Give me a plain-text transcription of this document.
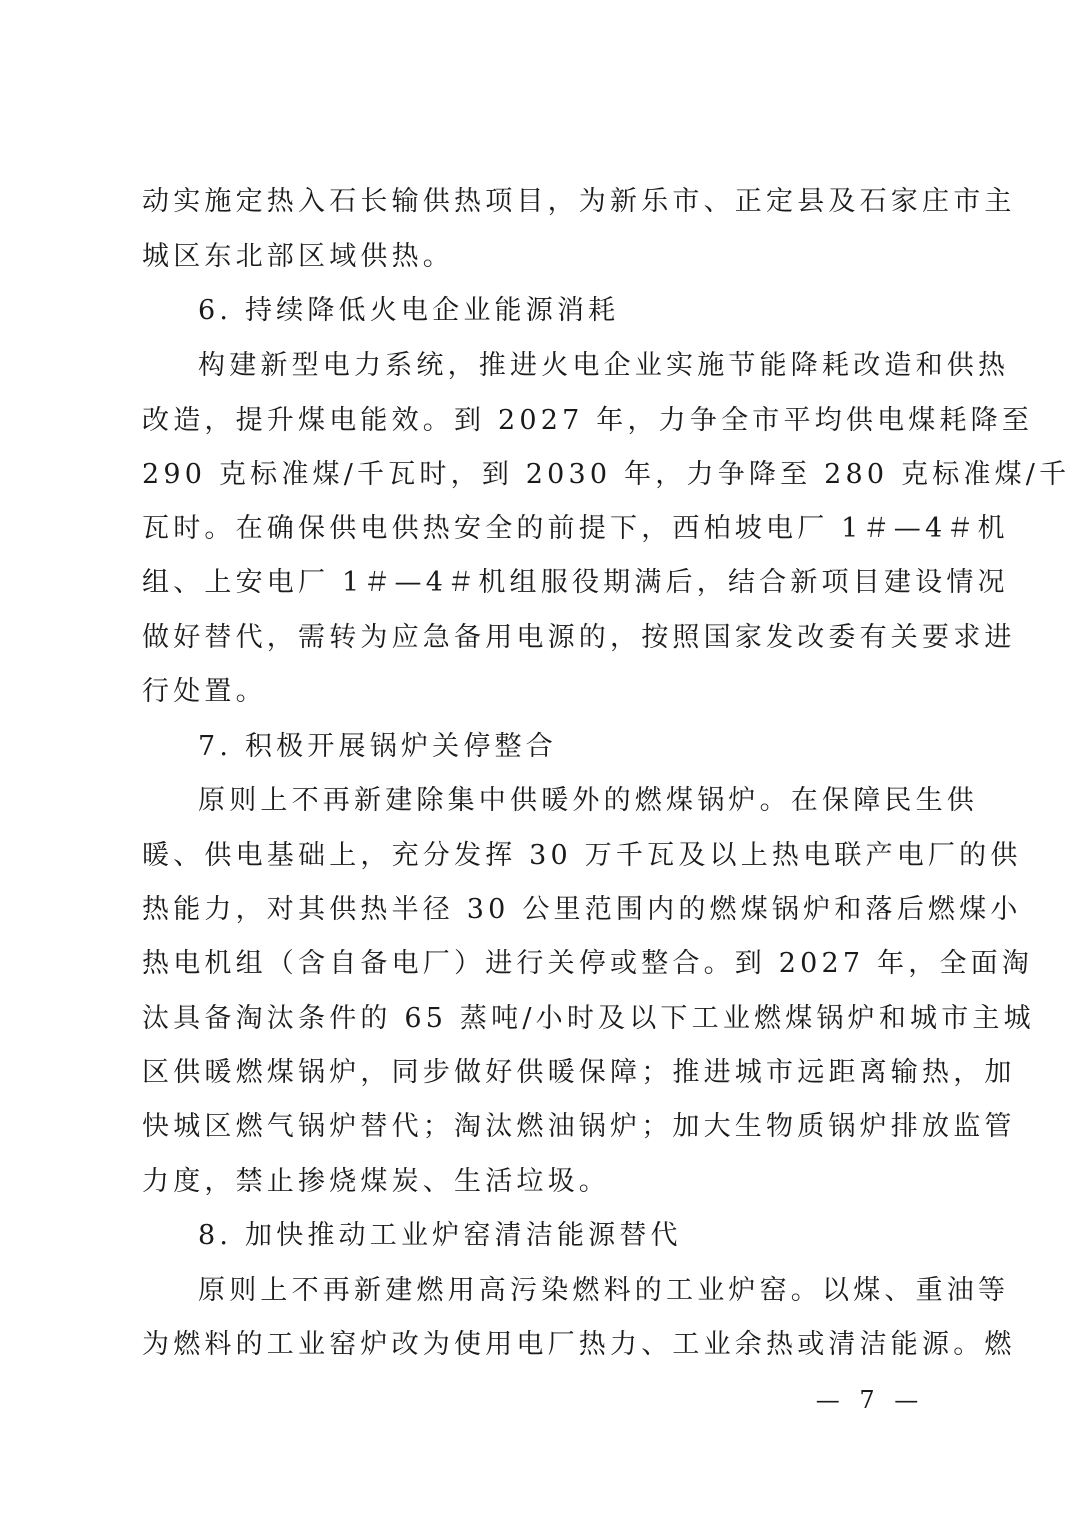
动实施定热入石长输供热项目，为新乐市、正定县及石家庄市主
城区东北部区域供热。
6. 持续降低火电企业能源消耗
构建新型电力系统，推进火电企业实施节能降耗改造和供热
改造，提升煤电能效。到 2027 年，力争全市平均供电煤耗降至
290 克标准煤/千瓦时，到 2030 年，力争降至 280 克标准煤/千
瓦时。在确保供电供热安全的前提下，西柏坡电厂 1＃—4＃机
组、上安电厂 1＃—4＃机组服役期满后，结合新项目建设情况
做好替代，需转为应急备用电源的，按照国家发改委有关要求进
行处置。
7. 积极开展锅炉关停整合
原则上不再新建除集中供暖外的燃煤锅炉。在保障民生供
暖、供电基础上，充分发挥 30 万千瓦及以上热电联产电厂的供
热能力，对其供热半径 30 公里范围内的燃煤锅炉和落后燃煤小
热电机组（含自备电厂）进行关停或整合。到 2027 年，全面淘
汰具备淘汰条件的 65 蒸吨/小时及以下工业燃煤锅炉和城市主城
区供暖燃煤锅炉，同步做好供暖保障；推进城市远距离输热，加
快城区燃气锅炉替代；淘汰燃油锅炉；加大生物质锅炉排放监管
力度，禁止掺烧煤炭、生活垃圾。
8. 加快推动工业炉窑清洁能源替代
原则上不再新建燃用高污染燃料的工业炉窑。以煤、重油等
为燃料的工业窑炉改为使用电厂热力、工业余热或清洁能源。燃
— 7 —
